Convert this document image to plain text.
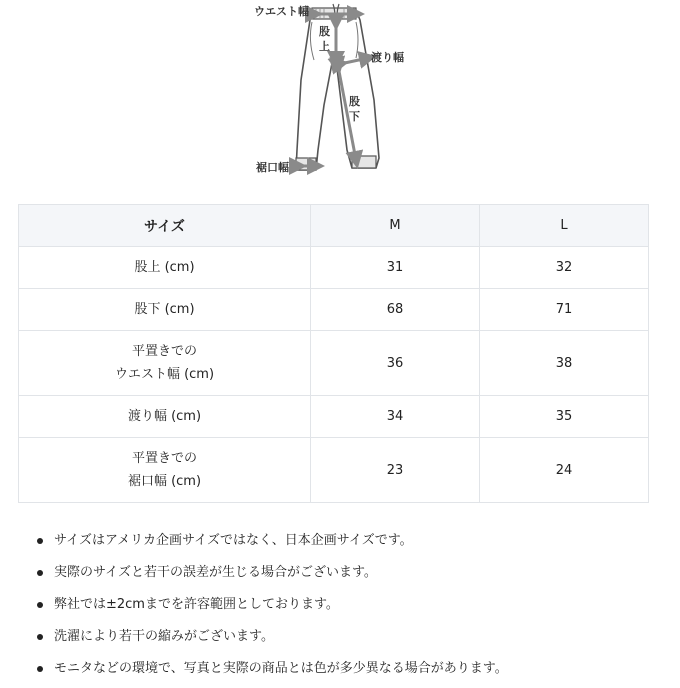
ウエスト幅
股上
渡り幅
股下
裾口幅
サイズ	M	L

股上 (cm)	31	32

股下 (cm)	68	71

平置きでの
ウエスト幅 (cm)	36	38

渡り幅 (cm)	34	35

平置きでの
裾口幅 (cm)	23	24
サイズはアメリカ企画サイズではなく、日本企画サイズです。
実際のサイズと若干の誤差が生じる場合がございます。
弊社では±2cmまでを許容範囲としております。
洗濯により若干の縮みがございます。
モニタなどの環境で、写真と実際の商品とは色が多少異なる場合があります。
